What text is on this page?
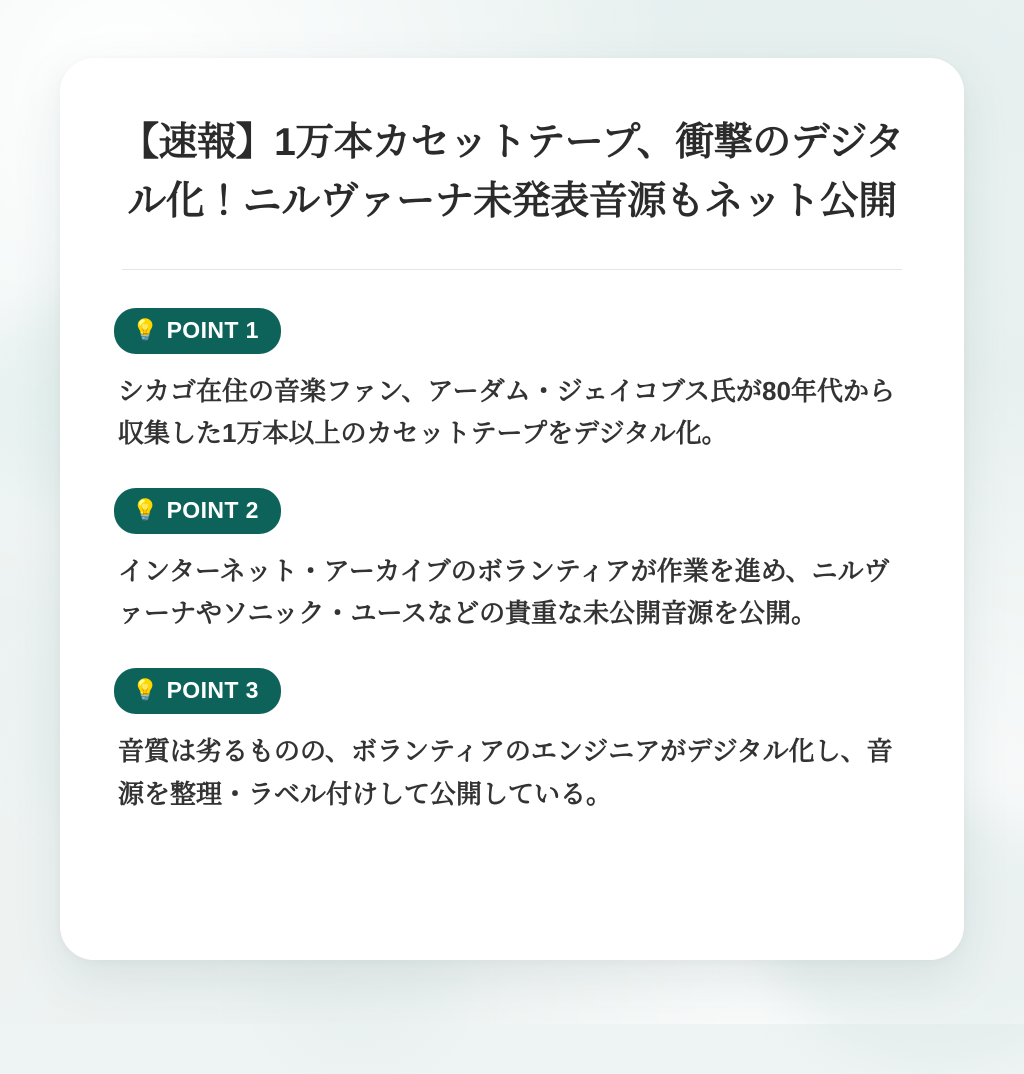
【速報】1万本カセットテープ、衝撃のデジタル化！ニルヴァーナ未発表音源もネット公開
💡 POINT 1

シカゴ在住の音楽ファン、アーダム・ジェイコブス氏が80年代から収集した1万本以上のカセットテープをデジタル化。

💡 POINT 2

インターネット・アーカイブのボランティアが作業を進め、ニルヴァーナやソニック・ユースなどの貴重な未公開音源を公開。

💡 POINT 3

音質は劣るものの、ボランティアのエンジニアがデジタル化し、音源を整理・ラベル付けして公開している。
